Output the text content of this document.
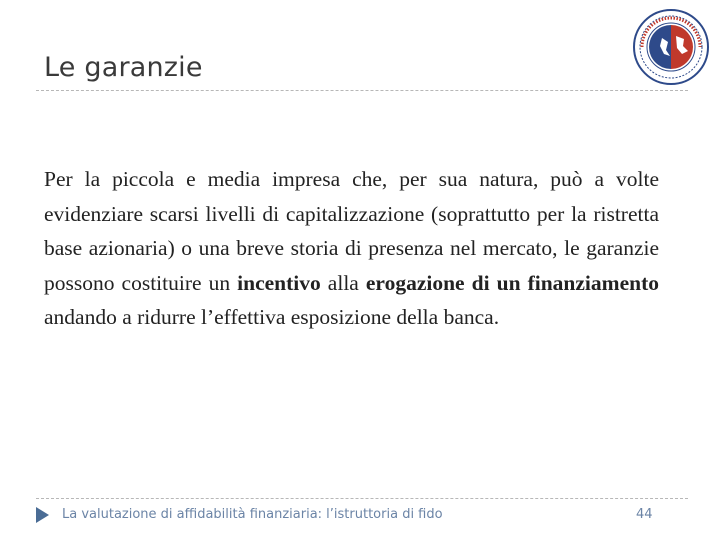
Le garanzie
Per la piccola e media impresa che, per sua natura, può a volte evidenziare scarsi livelli di capitalizzazione (soprattutto per la ristretta base azionaria) o una breve storia di presenza nel mercato, le garanzie possono costituire un incentivo alla erogazione di un finanziamento andando a ridurre l’effettiva esposizione della banca.
La valutazione di affidabilità finanziaria: l’istruttoria di fido	44
